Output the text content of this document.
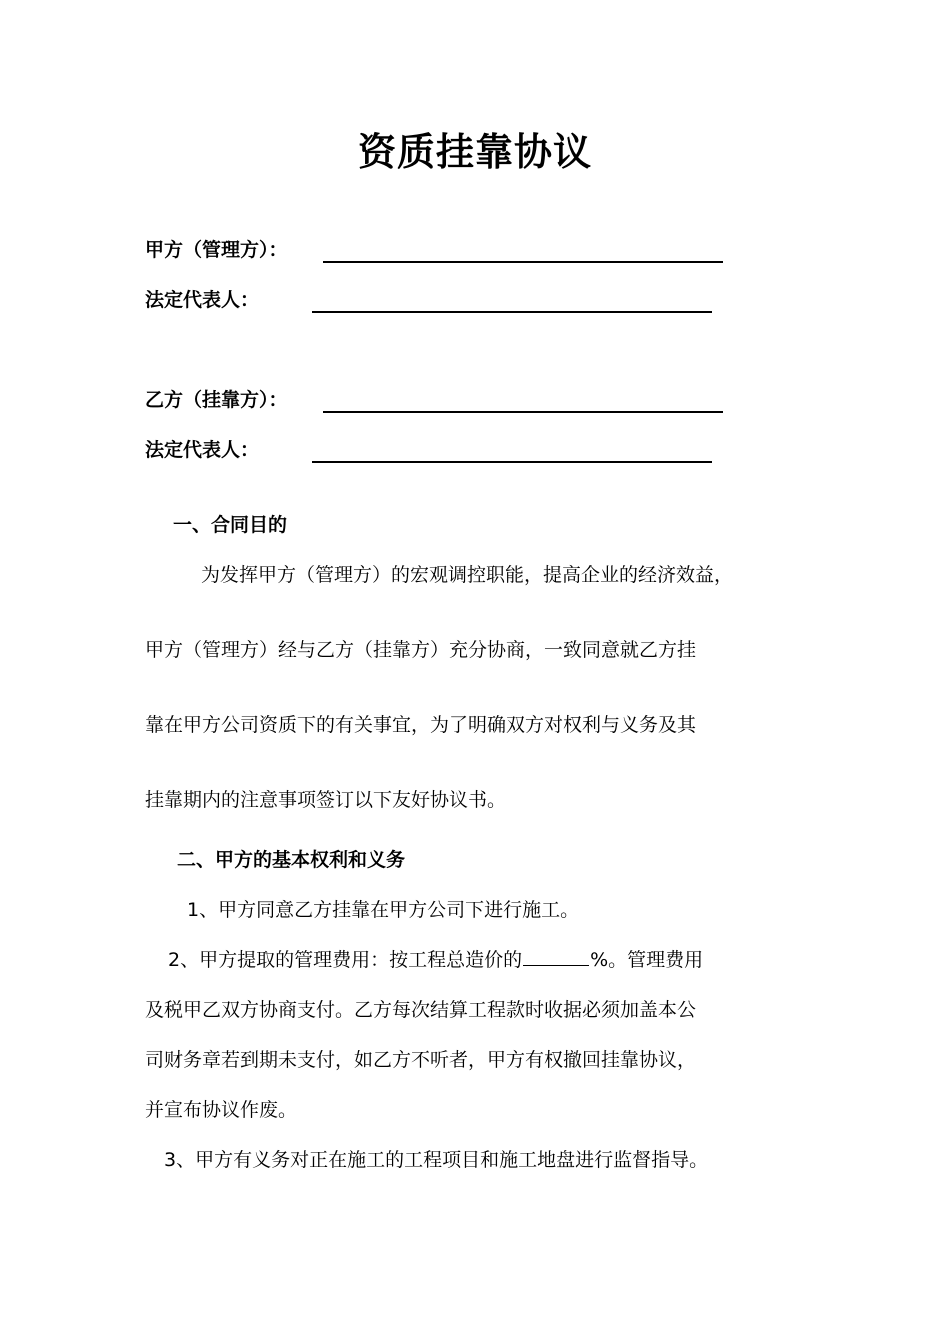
资质挂靠协议
甲方（管理方）：
法定代表人：
乙方（挂靠方）：
法定代表人：
一、合同目的
为发挥甲方（管理方）的宏观调控职能，提高企业的经济效益，
甲方（管理方）经与乙方（挂靠方）充分协商，一致同意就乙方挂
靠在甲方公司资质下的有关事宜，为了明确双方对权利与义务及其
挂靠期内的注意事项签订以下友好协议书。
二、甲方的基本权利和义务
1、甲方同意乙方挂靠在甲方公司下进行施工。
2、甲方提取的管理费用：按工程总造价的	%。管理费用
及税甲乙双方协商支付。乙方每次结算工程款时收据必须加盖本公
司财务章若到期未支付，如乙方不听者，甲方有权撤回挂靠协议，
并宣布协议作废。
3、甲方有义务对正在施工的工程项目和施工地盘进行监督指导。
